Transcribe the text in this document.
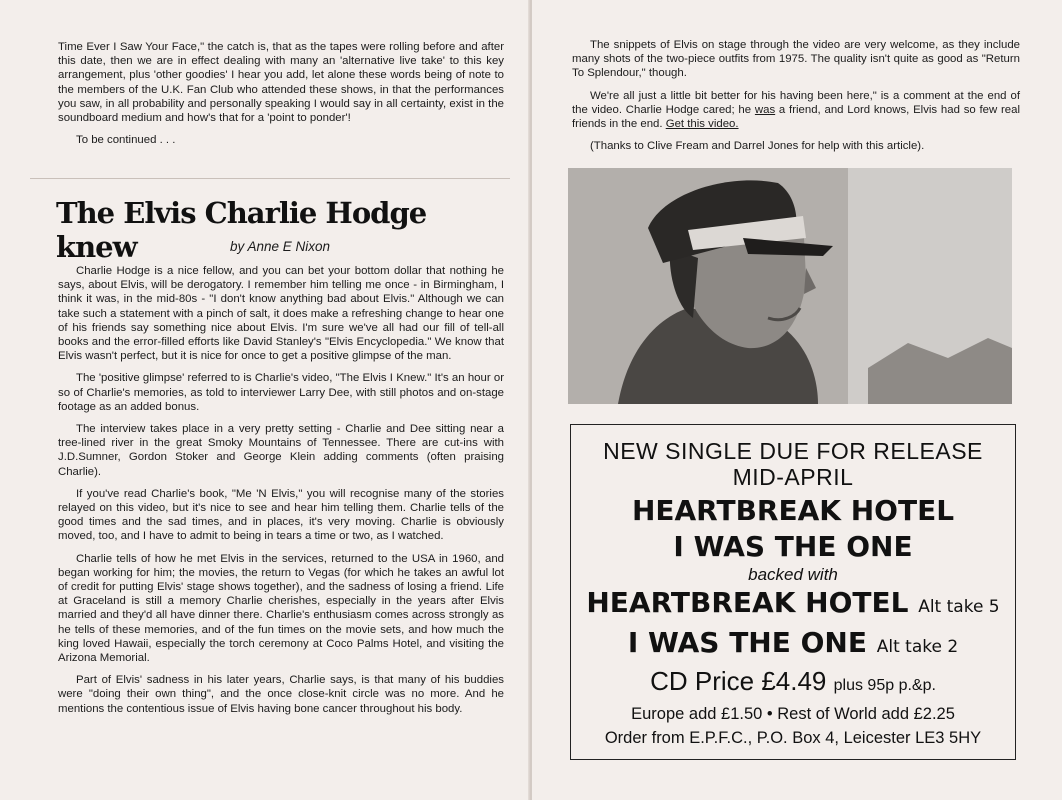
Time Ever I Saw Your Face," the catch is, that as the tapes were rolling before and after this date, then we are in effect dealing with many an 'alternative live take' to this key arrangement, plus 'other goodies' I hear you add, let alone these words being of note to the members of the U.K. Fan Club who attended these shows, in that the performances you saw, in all probability and personally speaking I would say in all certainty, exist in the soundboard medium and how's that for a 'point to ponder'!

To be continued . . .

The Elvis Charlie Hodge knew	by Anne E Nixon

Charlie Hodge is a nice fellow, and you can bet your bottom dollar that nothing he says, about Elvis, will be derogatory. I remember him telling me once - in Birmingham, I think it was, in the mid-80s - "I don't know anything bad about Elvis." Although we can take such a statement with a pinch of salt, it does make a refreshing change to hear one of his friends say something nice about Elvis. I'm sure we've all had our fill of tell-all books and the error-filled efforts like David Stanley's "Elvis Encyclopedia." We know that Elvis wasn't perfect, but it is nice for once to get a positive glimpse of the man.

The 'positive glimpse' referred to is Charlie's video, "The Elvis I Knew." It's an hour or so of Charlie's memories, as told to interviewer Larry Dee, with still photos and on-stage footage as an added bonus.

The interview takes place in a very pretty setting - Charlie and Dee sitting near a tree-lined river in the great Smoky Mountains of Tennessee. There are cut-ins with J.D.Sumner, Gordon Stoker and George Klein adding comments (often praising Charlie).

If you've read Charlie's book, "Me 'N Elvis," you will recognise many of the stories relayed on this video, but it's nice to see and hear him telling them. Charlie tells of the good times and the sad times, and in places, it's very moving. Charlie is obviously moved, too, and I have to admit to being in tears a time or two, as I watched.

Charlie tells of how he met Elvis in the services, returned to the USA in 1960, and began working for him; the movies, the return to Vegas (for which he takes an awful lot of credit for putting Elvis' stage shows together), and the sadness of losing a friend. Life at Graceland is still a memory Charlie cherishes, especially in the years after Elvis married and they'd all have dinner there. Charlie's enthusiasm comes across strongly as he tells of these memories, and of the fun times on the movie sets, and how much the king loved Hawaii, especially the torch ceremony at Coco Palms Hotel, and visiting the Arizona Memorial.

Part of Elvis' sadness in his later years, Charlie says, is that many of his buddies were "doing their own thing", and the once close-knit circle was no more. And he mentions the contentious issue of Elvis having bone cancer throughout his body.

The snippets of Elvis on stage through the video are very welcome, as they include many shots of the two-piece outfits from 1975. The quality isn't quite as good as "Return To Splendour," though.

We're all just a little bit better for his having been here," is a comment at the end of the video. Charlie Hodge cared; he was a friend, and Lord knows, Elvis had so few real friends in the end. Get this video.

(Thanks to Clive Fream and Darrel Jones for help with this article).

NEW SINGLE DUE FOR RELEASE
MID-APRIL
HEARTBREAK HOTEL
I WAS THE ONE
backed with
HEARTBREAK HOTEL Alt take 5
I WAS THE ONE Alt take 2
CD Price £4.49 plus 95p p.&p.
Europe add £1.50 • Rest of World add £2.25
Order from E.P.F.C., P.O. Box 4, Leicester LE3 5HY
